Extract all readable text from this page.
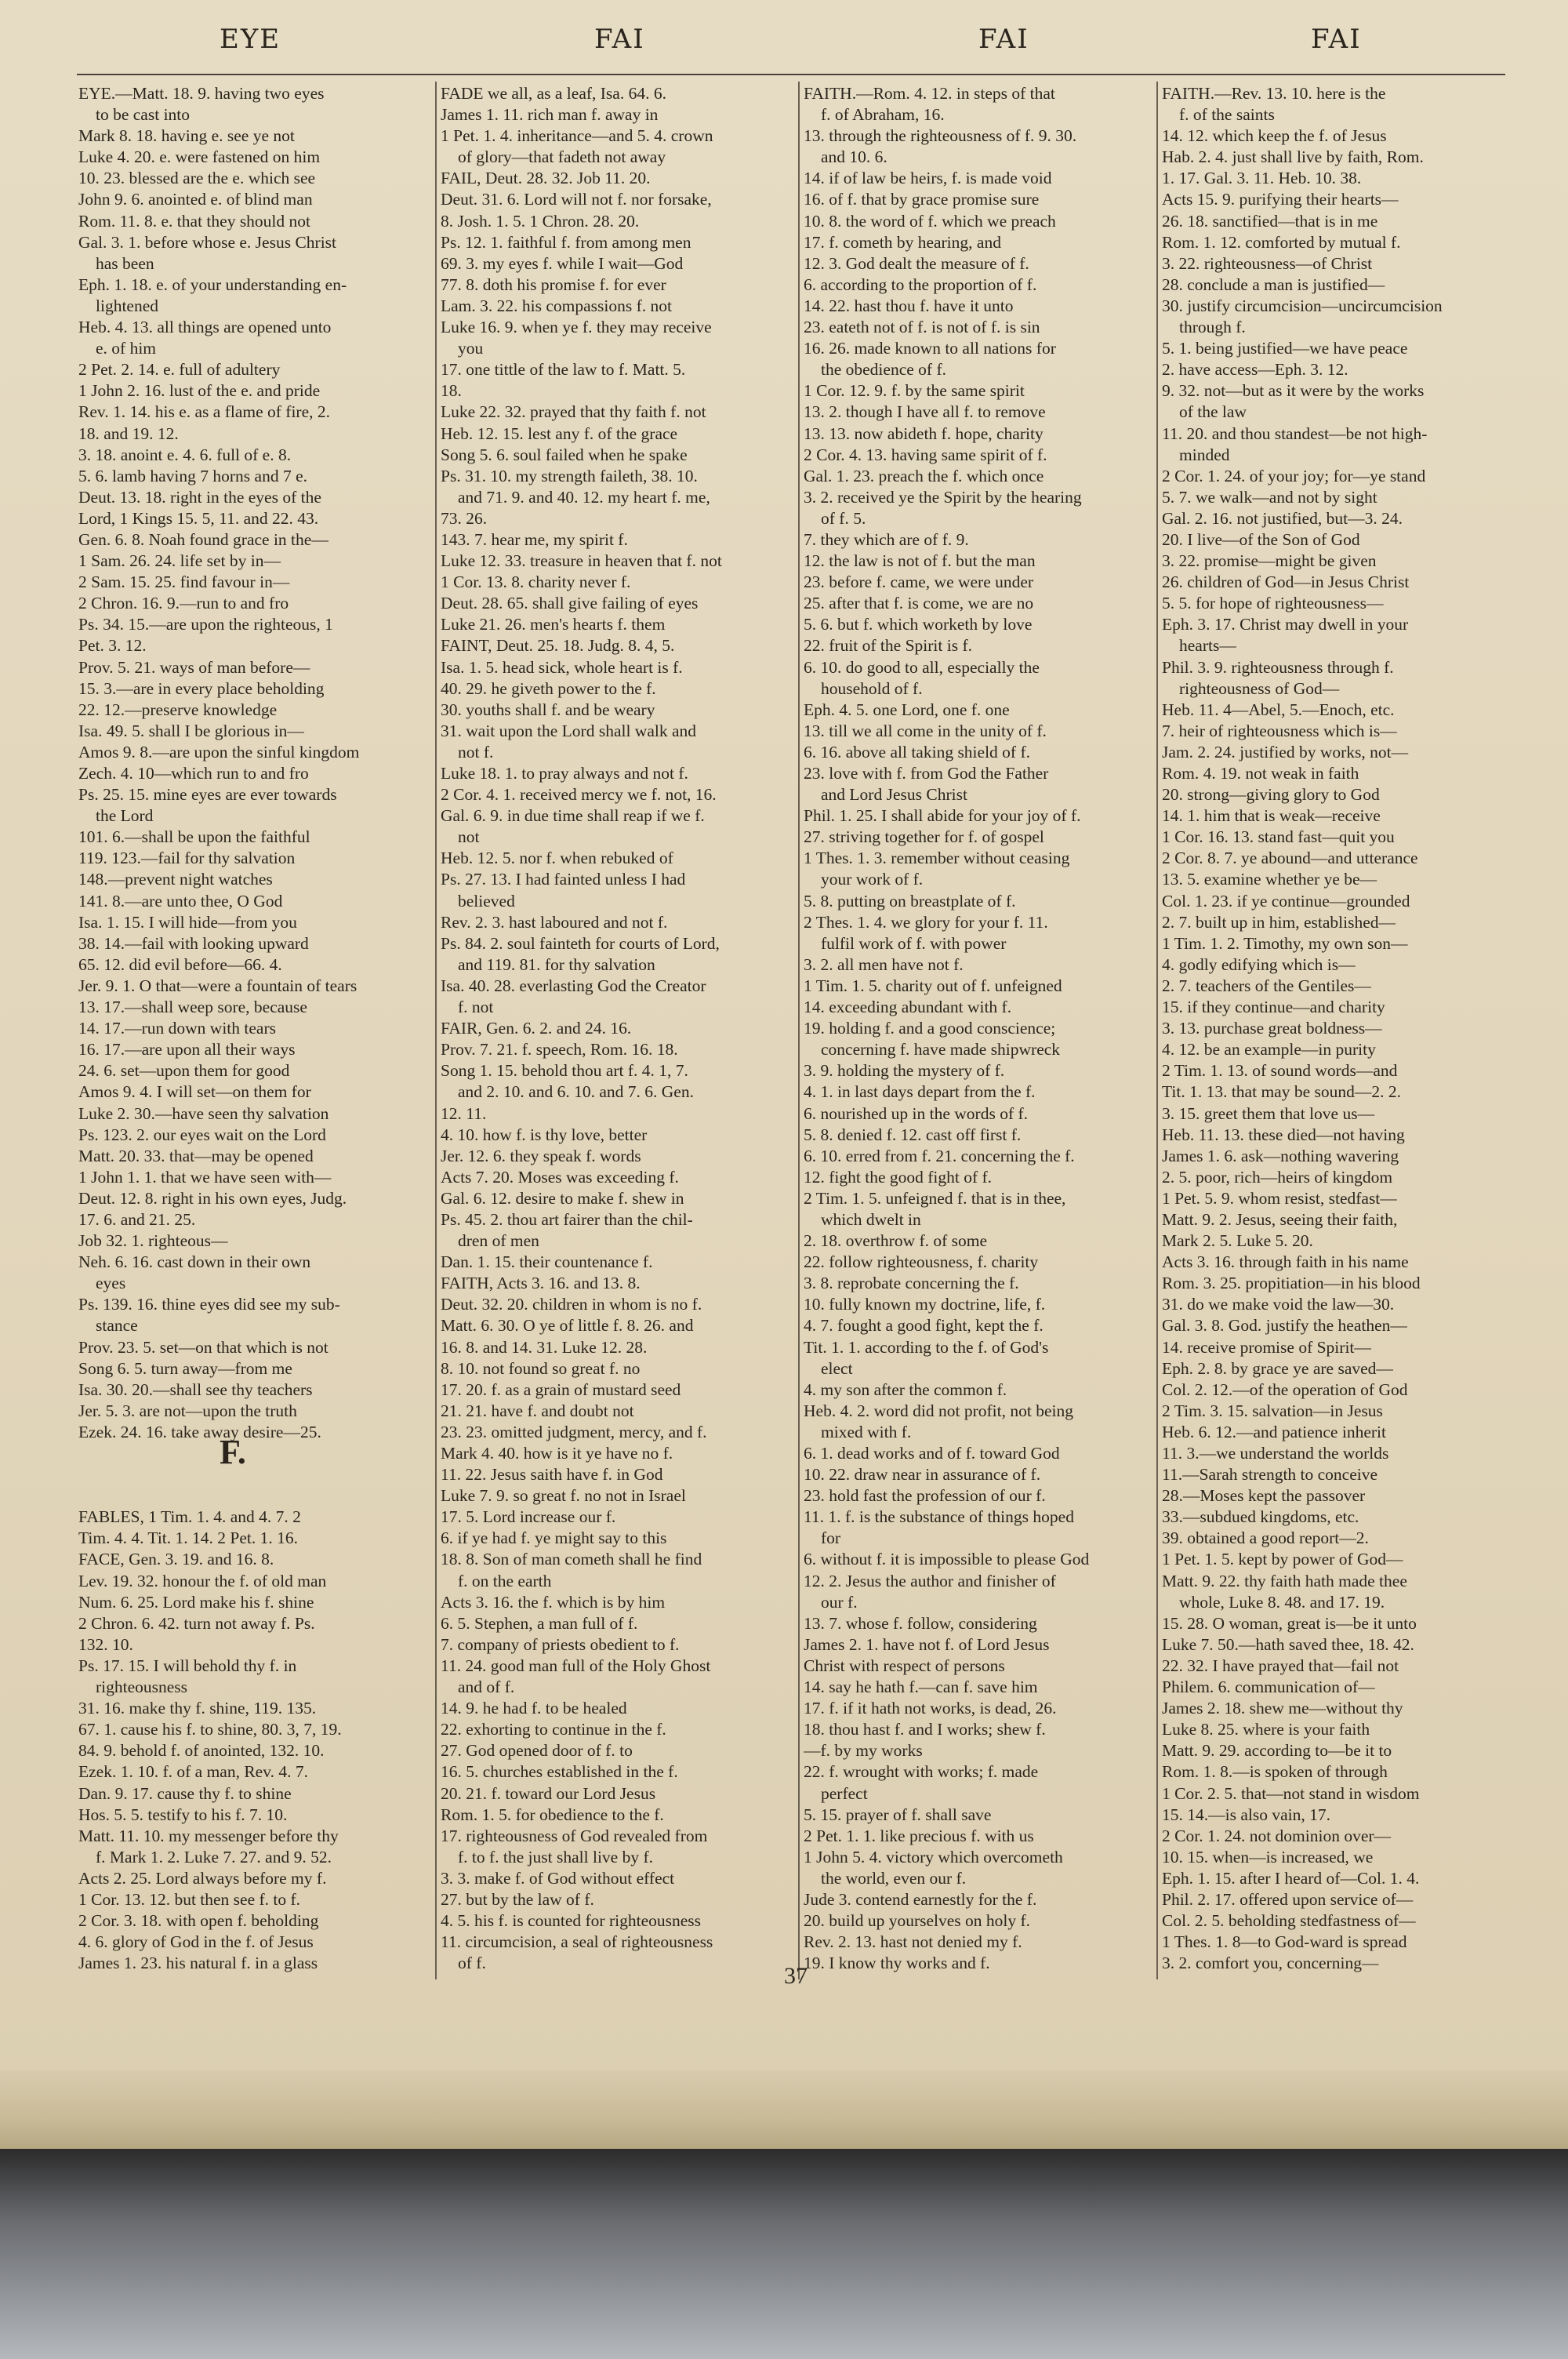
EYE	FAI	FAI	FAI
EYE.—Matt. 18. 9. having two eyes
to be cast into
Mark 8. 18. having e. see ye not
Luke 4. 20. e. were fastened on him
10. 23. blessed are the e. which see
John 9. 6. anointed e. of blind man
Rom. 11. 8. e. that they should not
Gal. 3. 1. before whose e. Jesus Christ
has been
Eph. 1. 18. e. of your understanding en-
lightened
Heb. 4. 13. all things are opened unto
e. of him
2 Pet. 2. 14. e. full of adultery
1 John 2. 16. lust of the e. and pride
Rev. 1. 14. his e. as a flame of fire, 2.
18. and 19. 12.
3. 18. anoint e. 4. 6. full of e. 8.
5. 6. lamb having 7 horns and 7 e.
Deut. 13. 18. right in the eyes of the
Lord, 1 Kings 15. 5, 11. and 22. 43.
Gen. 6. 8. Noah found grace in the—
1 Sam. 26. 24. life set by in—
2 Sam. 15. 25. find favour in—
2 Chron. 16. 9.—run to and fro
Ps. 34. 15.—are upon the righteous, 1
Pet. 3. 12.
Prov. 5. 21. ways of man before—
15. 3.—are in every place beholding
22. 12.—preserve knowledge
Isa. 49. 5. shall I be glorious in—
Amos 9. 8.—are upon the sinful kingdom
Zech. 4. 10—which run to and fro
Ps. 25. 15. mine eyes are ever towards
the Lord
101. 6.—shall be upon the faithful
119. 123.—fail for thy salvation
148.—prevent night watches
141. 8.—are unto thee, O God
Isa. 1. 15. I will hide—from you
38. 14.—fail with looking upward
65. 12. did evil before—66. 4.
Jer. 9. 1. O that—were a fountain of tears
13. 17.—shall weep sore, because
14. 17.—run down with tears
16. 17.—are upon all their ways
24. 6. set—upon them for good
Amos 9. 4. I will set—on them for
Luke 2. 30.—have seen thy salvation
Ps. 123. 2. our eyes wait on the Lord
Matt. 20. 33. that—may be opened
1 John 1. 1. that we have seen with—
Deut. 12. 8. right in his own eyes, Judg.
17. 6. and 21. 25.
Job 32. 1. righteous—
Neh. 6. 16. cast down in their own
eyes
Ps. 139. 16. thine eyes did see my sub-
stance
Prov. 23. 5. set—on that which is not
Song 6. 5. turn away—from me
Isa. 30. 20.—shall see thy teachers
Jer. 5. 3. are not—upon the truth
Ezek. 24. 16. take away desire—25.
FABLES, 1 Tim. 1. 4. and 4. 7. 2
Tim. 4. 4. Tit. 1. 14. 2 Pet. 1. 16.
FACE, Gen. 3. 19. and 16. 8.
Lev. 19. 32. honour the f. of old man
Num. 6. 25. Lord make his f. shine
2 Chron. 6. 42. turn not away f. Ps.
132. 10.
Ps. 17. 15. I will behold thy f. in
righteousness
31. 16. make thy f. shine, 119. 135.
67. 1. cause his f. to shine, 80. 3, 7, 19.
84. 9. behold f. of anointed, 132. 10.
Ezek. 1. 10. f. of a man, Rev. 4. 7.
Dan. 9. 17. cause thy f. to shine
Hos. 5. 5. testify to his f. 7. 10.
Matt. 11. 10. my messenger before thy
f. Mark 1. 2. Luke 7. 27. and 9. 52.
Acts 2. 25. Lord always before my f.
1 Cor. 13. 12. but then see f. to f.
2 Cor. 3. 18. with open f. beholding
4. 6. glory of God in the f. of Jesus
James 1. 23. his natural f. in a glass
FADE we all, as a leaf, Isa. 64. 6.
James 1. 11. rich man f. away in
1 Pet. 1. 4. inheritance—and 5. 4. crown
of glory—that fadeth not away
FAIL, Deut. 28. 32. Job 11. 20.
Deut. 31. 6. Lord will not f. nor forsake,
8. Josh. 1. 5. 1 Chron. 28. 20.
Ps. 12. 1. faithful f. from among men
69. 3. my eyes f. while I wait—God
77. 8. doth his promise f. for ever
Lam. 3. 22. his compassions f. not
Luke 16. 9. when ye f. they may receive
you
17. one tittle of the law to f. Matt. 5.
18.
Luke 22. 32. prayed that thy faith f. not
Heb. 12. 15. lest any f. of the grace
Song 5. 6. soul failed when he spake
Ps. 31. 10. my strength faileth, 38. 10.
and 71. 9. and 40. 12. my heart f. me,
73. 26.
143. 7. hear me, my spirit f.
Luke 12. 33. treasure in heaven that f. not
1 Cor. 13. 8. charity never f.
Deut. 28. 65. shall give failing of eyes
Luke 21. 26. men's hearts f. them
FAINT, Deut. 25. 18. Judg. 8. 4, 5.
Isa. 1. 5. head sick, whole heart is f.
40. 29. he giveth power to the f.
30. youths shall f. and be weary
31. wait upon the Lord shall walk and
not f.
Luke 18. 1. to pray always and not f.
2 Cor. 4. 1. received mercy we f. not, 16.
Gal. 6. 9. in due time shall reap if we f.
not
Heb. 12. 5. nor f. when rebuked of
Ps. 27. 13. I had fainted unless I had
believed
Rev. 2. 3. hast laboured and not f.
Ps. 84. 2. soul fainteth for courts of Lord,
and 119. 81. for thy salvation
Isa. 40. 28. everlasting God the Creator
f. not
FAIR, Gen. 6. 2. and 24. 16.
Prov. 7. 21. f. speech, Rom. 16. 18.
Song 1. 15. behold thou art f. 4. 1, 7.
and 2. 10. and 6. 10. and 7. 6. Gen.
12. 11.
4. 10. how f. is thy love, better
Jer. 12. 6. they speak f. words
Acts 7. 20. Moses was exceeding f.
Gal. 6. 12. desire to make f. shew in
Ps. 45. 2. thou art fairer than the chil-
dren of men
Dan. 1. 15. their countenance f.
FAITH, Acts 3. 16. and 13. 8.
Deut. 32. 20. children in whom is no f.
Matt. 6. 30. O ye of little f. 8. 26. and
16. 8. and 14. 31. Luke 12. 28.
8. 10. not found so great f. no
17. 20. f. as a grain of mustard seed
21. 21. have f. and doubt not
23. 23. omitted judgment, mercy, and f.
Mark 4. 40. how is it ye have no f.
11. 22. Jesus saith have f. in God
Luke 7. 9. so great f. no not in Israel
17. 5. Lord increase our f.
6. if ye had f. ye might say to this
18. 8. Son of man cometh shall he find
f. on the earth
Acts 3. 16. the f. which is by him
6. 5. Stephen, a man full of f.
7. company of priests obedient to f.
11. 24. good man full of the Holy Ghost
and of f.
14. 9. he had f. to be healed
22. exhorting to continue in the f.
27. God opened door of f. to
16. 5. churches established in the f.
20. 21. f. toward our Lord Jesus
Rom. 1. 5. for obedience to the f.
17. righteousness of God revealed from
f. to f. the just shall live by f.
3. 3. make f. of God without effect
27. but by the law of f.
4. 5. his f. is counted for righteousness
11. circumcision, a seal of righteousness
of f.
FAITH.—Rom. 4. 12. in steps of that
f. of Abraham, 16.
13. through the righteousness of f. 9. 30.
and 10. 6.
14. if of law be heirs, f. is made void
16. of f. that by grace promise sure
10. 8. the word of f. which we preach
17. f. cometh by hearing, and
12. 3. God dealt the measure of f.
6. according to the proportion of f.
14. 22. hast thou f. have it unto
23. eateth not of f. is not of f. is sin
16. 26. made known to all nations for
the obedience of f.
1 Cor. 12. 9. f. by the same spirit
13. 2. though I have all f. to remove
13. 13. now abideth f. hope, charity
2 Cor. 4. 13. having same spirit of f.
Gal. 1. 23. preach the f. which once
3. 2. received ye the Spirit by the hearing
of f. 5.
7. they which are of f. 9.
12. the law is not of f. but the man
23. before f. came, we were under
25. after that f. is come, we are no
5. 6. but f. which worketh by love
22. fruit of the Spirit is f.
6. 10. do good to all, especially the
household of f.
Eph. 4. 5. one Lord, one f. one
13. till we all come in the unity of f.
6. 16. above all taking shield of f.
23. love with f. from God the Father
and Lord Jesus Christ
Phil. 1. 25. I shall abide for your joy of f.
27. striving together for f. of gospel
1 Thes. 1. 3. remember without ceasing
your work of f.
5. 8. putting on breastplate of f.
2 Thes. 1. 4. we glory for your f. 11.
fulfil work of f. with power
3. 2. all men have not f.
1 Tim. 1. 5. charity out of f. unfeigned
14. exceeding abundant with f.
19. holding f. and a good conscience;
concerning f. have made shipwreck
3. 9. holding the mystery of f.
4. 1. in last days depart from the f.
6. nourished up in the words of f.
5. 8. denied f. 12. cast off first f.
6. 10. erred from f. 21. concerning the f.
12. fight the good fight of f.
2 Tim. 1. 5. unfeigned f. that is in thee,
which dwelt in
2. 18. overthrow f. of some
22. follow righteousness, f. charity
3. 8. reprobate concerning the f.
10. fully known my doctrine, life, f.
4. 7. fought a good fight, kept the f.
Tit. 1. 1. according to the f. of God's
elect
4. my son after the common f.
Heb. 4. 2. word did not profit, not being
mixed with f.
6. 1. dead works and of f. toward God
10. 22. draw near in assurance of f.
23. hold fast the profession of our f.
11. 1. f. is the substance of things hoped
for
6. without f. it is impossible to please God
12. 2. Jesus the author and finisher of
our f.
13. 7. whose f. follow, considering
James 2. 1. have not f. of Lord Jesus
Christ with respect of persons
14. say he hath f.—can f. save him
17. f. if it hath not works, is dead, 26.
18. thou hast f. and I works; shew f.
—f. by my works
22. f. wrought with works; f. made
perfect
5. 15. prayer of f. shall save
2 Pet. 1. 1. like precious f. with us
1 John 5. 4. victory which overcometh
the world, even our f.
Jude 3. contend earnestly for the f.
20. build up yourselves on holy f.
Rev. 2. 13. hast not denied my f.
19. I know thy works and f.
FAITH.—Rev. 13. 10. here is the
f. of the saints
14. 12. which keep the f. of Jesus
Hab. 2. 4. just shall live by faith, Rom.
1. 17. Gal. 3. 11. Heb. 10. 38.
Acts 15. 9. purifying their hearts—
26. 18. sanctified—that is in me
Rom. 1. 12. comforted by mutual f.
3. 22. righteousness—of Christ
28. conclude a man is justified—
30. justify circumcision—uncircumcision
through f.
5. 1. being justified—we have peace
2. have access—Eph. 3. 12.
9. 32. not—but as it were by the works
of the law
11. 20. and thou standest—be not high-
minded
2 Cor. 1. 24. of your joy; for—ye stand
5. 7. we walk—and not by sight
Gal. 2. 16. not justified, but—3. 24.
20. I live—of the Son of God
3. 22. promise—might be given
26. children of God—in Jesus Christ
5. 5. for hope of righteousness—
Eph. 3. 17. Christ may dwell in your
hearts—
Phil. 3. 9. righteousness through f.
righteousness of God—
Heb. 11. 4—Abel, 5.—Enoch, etc.
7. heir of righteousness which is—
Jam. 2. 24. justified by works, not—
Rom. 4. 19. not weak in faith
20. strong—giving glory to God
14. 1. him that is weak—receive
1 Cor. 16. 13. stand fast—quit you
2 Cor. 8. 7. ye abound—and utterance
13. 5. examine whether ye be—
Col. 1. 23. if ye continue—grounded
2. 7. built up in him, established—
1 Tim. 1. 2. Timothy, my own son—
4. godly edifying which is—
2. 7. teachers of the Gentiles—
15. if they continue—and charity
3. 13. purchase great boldness—
4. 12. be an example—in purity
2 Tim. 1. 13. of sound words—and
Tit. 1. 13. that may be sound—2. 2.
3. 15. greet them that love us—
Heb. 11. 13. these died—not having
James 1. 6. ask—nothing wavering
2. 5. poor, rich—heirs of kingdom
1 Pet. 5. 9. whom resist, stedfast—
Matt. 9. 2. Jesus, seeing their faith,
Mark 2. 5. Luke 5. 20.
Acts 3. 16. through faith in his name
Rom. 3. 25. propitiation—in his blood
31. do we make void the law—30.
Gal. 3. 8. God. justify the heathen—
14. receive promise of Spirit—
Eph. 2. 8. by grace ye are saved—
Col. 2. 12.—of the operation of God
2 Tim. 3. 15. salvation—in Jesus
Heb. 6. 12.—and patience inherit
11. 3.—we understand the worlds
11.—Sarah strength to conceive
28.—Moses kept the passover
33.—subdued kingdoms, etc.
39. obtained a good report—2.
1 Pet. 1. 5. kept by power of God—
Matt. 9. 22. thy faith hath made thee
whole, Luke 8. 48. and 17. 19.
15. 28. O woman, great is—be it unto
Luke 7. 50.—hath saved thee, 18. 42.
22. 32. I have prayed that—fail not
Philem. 6. communication of—
James 2. 18. shew me—without thy
Luke 8. 25. where is your faith
Matt. 9. 29. according to—be it to
Rom. 1. 8.—is spoken of through
1 Cor. 2. 5. that—not stand in wisdom
15. 14.—is also vain, 17.
2 Cor. 1. 24. not dominion over—
10. 15. when—is increased, we
Eph. 1. 15. after I heard of—Col. 1. 4.
Phil. 2. 17. offered upon service of—
Col. 2. 5. beholding stedfastness of—
1 Thes. 1. 8—to God-ward is spread
3. 2. comfort you, concerning—
F.
37
